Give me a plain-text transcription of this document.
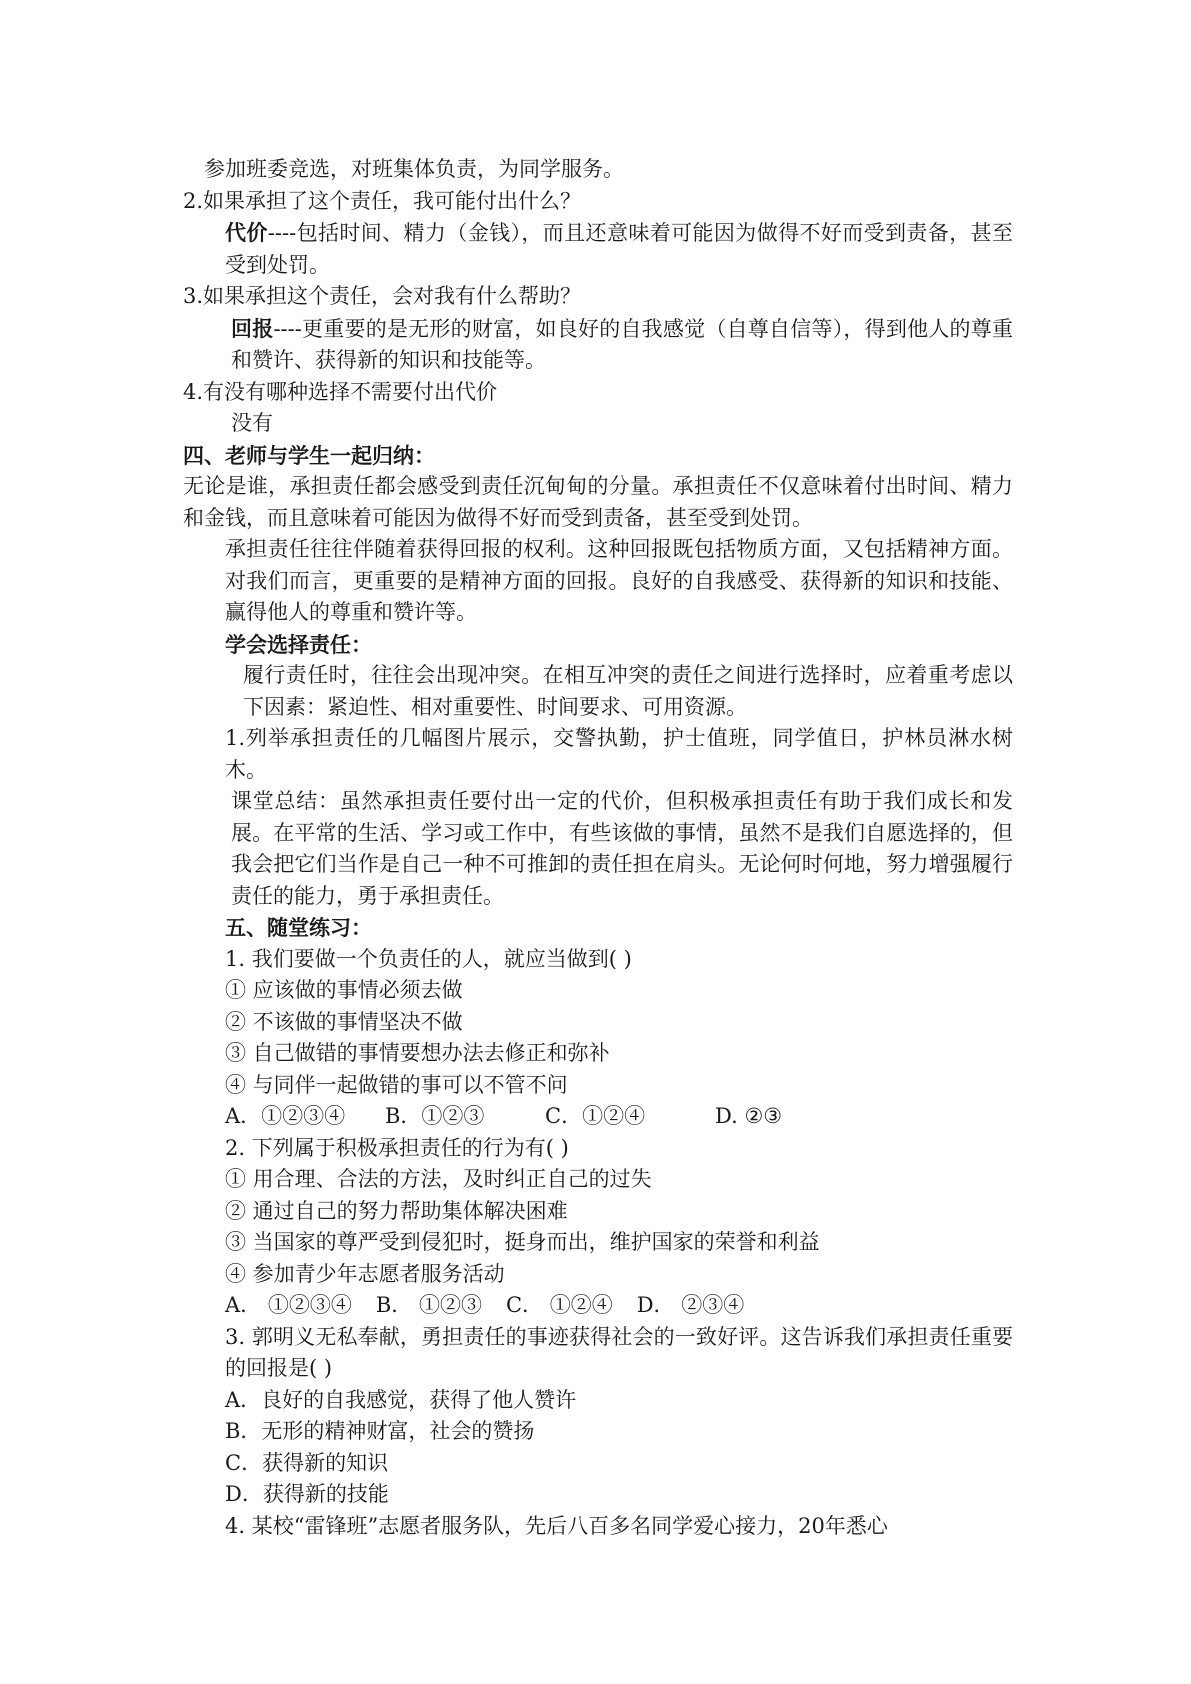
参加班委竞选，对班集体负责，为同学服务。

2.如果承担了这个责任，我可能付出什么？

代价----包括时间、精力（金钱），而且还意味着可能因为做得不好而受到责备，甚至受到处罚。

3.如果承担这个责任，会对我有什么帮助？

回报----更重要的是无形的财富，如良好的自我感觉（自尊自信等），得到他人的尊重和赞许、获得新的知识和技能等。

4.有没有哪种选择不需要付出代价

没有

四、老师与学生一起归纳：

无论是谁，承担责任都会感受到责任沉甸甸的分量。承担责任不仅意味着付出时间、精力和金钱，而且意味着可能因为做得不好而受到责备，甚至受到处罚。

承担责任往往伴随着获得回报的权利。这种回报既包括物质方面，又包括精神方面。对我们而言，更重要的是精神方面的回报。良好的自我感受、获得新的知识和技能、赢得他人的尊重和赞许等。

学会选择责任：

履行责任时，往往会出现冲突。在相互冲突的责任之间进行选择时，应着重考虑以下因素：紧迫性、相对重要性、时间要求、可用资源。

1.列举承担责任的几幅图片展示，交警执勤，护士值班，同学值日，护林员淋水树木。

课堂总结：虽然承担责任要付出一定的代价，但积极承担责任有助于我们成长和发展。在平常的生活、学习或工作中，有些该做的事情，虽然不是我们自愿选择的，但我会把它们当作是自己一种不可推卸的责任担在肩头。无论何时何地，努力增强履行责任的能力，勇于承担责任。

五、随堂练习：

1. 我们要做一个负责任的人，就应当做到( )

① 应该做的事情必须去做

② 不该做的事情坚决不做

③ 自己做错的事情要想办法去修正和弥补

④ 与同伴一起做错的事可以不管不问

A．①②③④	B．①②③	C．①②④	D. ②③

2. 下列属于积极承担责任的行为有( )

① 用合理、合法的方法，及时纠正自己的过失

② 通过自己的努力帮助集体解决困难

③ 当国家的尊严受到侵犯时，挺身而出，维护国家的荣誉和利益

④ 参加青少年志愿者服务活动

A． ①②③④ B． ①②③ C． ①②④ D． ②③④

3. 郭明义无私奉献，勇担责任的事迹获得社会的一致好评。这告诉我们承担责任重要的回报是( )

A．良好的自我感觉，获得了他人赞许

B．无形的精神财富，社会的赞扬

C．获得新的知识

D．获得新的技能

4. 某校“雷锋班”志愿者服务队，先后八百多名同学爱心接力，20年悉心
